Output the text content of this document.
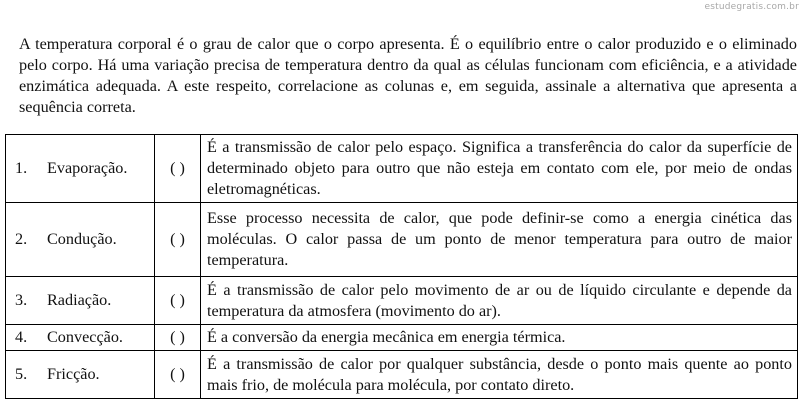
estudegratis.com.br

A temperatura corporal é o grau de calor que o corpo apresenta. É o equilíbrio entre o calor produzido e o eliminado pelo corpo. Há uma variação precisa de temperatura dentro da qual as células funcionam com eficiência, e a atividade enzimática adequada. A este respeito, correlacione as colunas e, em seguida, assinale a alternativa que apresenta a sequência correta.

1. Evaporação.	( )	É a transmissão de calor pelo espaço. Significa a transferência do calor da superfície de determinado objeto para outro que não esteja em contato com ele, por meio de ondas eletromagnéticas.
2. Condução.	( )	Esse processo necessita de calor, que pode definir-se como a energia cinética das moléculas. O calor passa de um ponto de menor temperatura para outro de maior temperatura.
3. Radiação.	( )	É a transmissão de calor pelo movimento de ar ou de líquido circulante e depende da temperatura da atmosfera (movimento do ar).
4. Convecção.	( )	É a conversão da energia mecânica em energia térmica.
5. Fricção.	( )	É a transmissão de calor por qualquer substância, desde o ponto mais quente ao ponto mais frio, de molécula para molécula, por contato direto.
